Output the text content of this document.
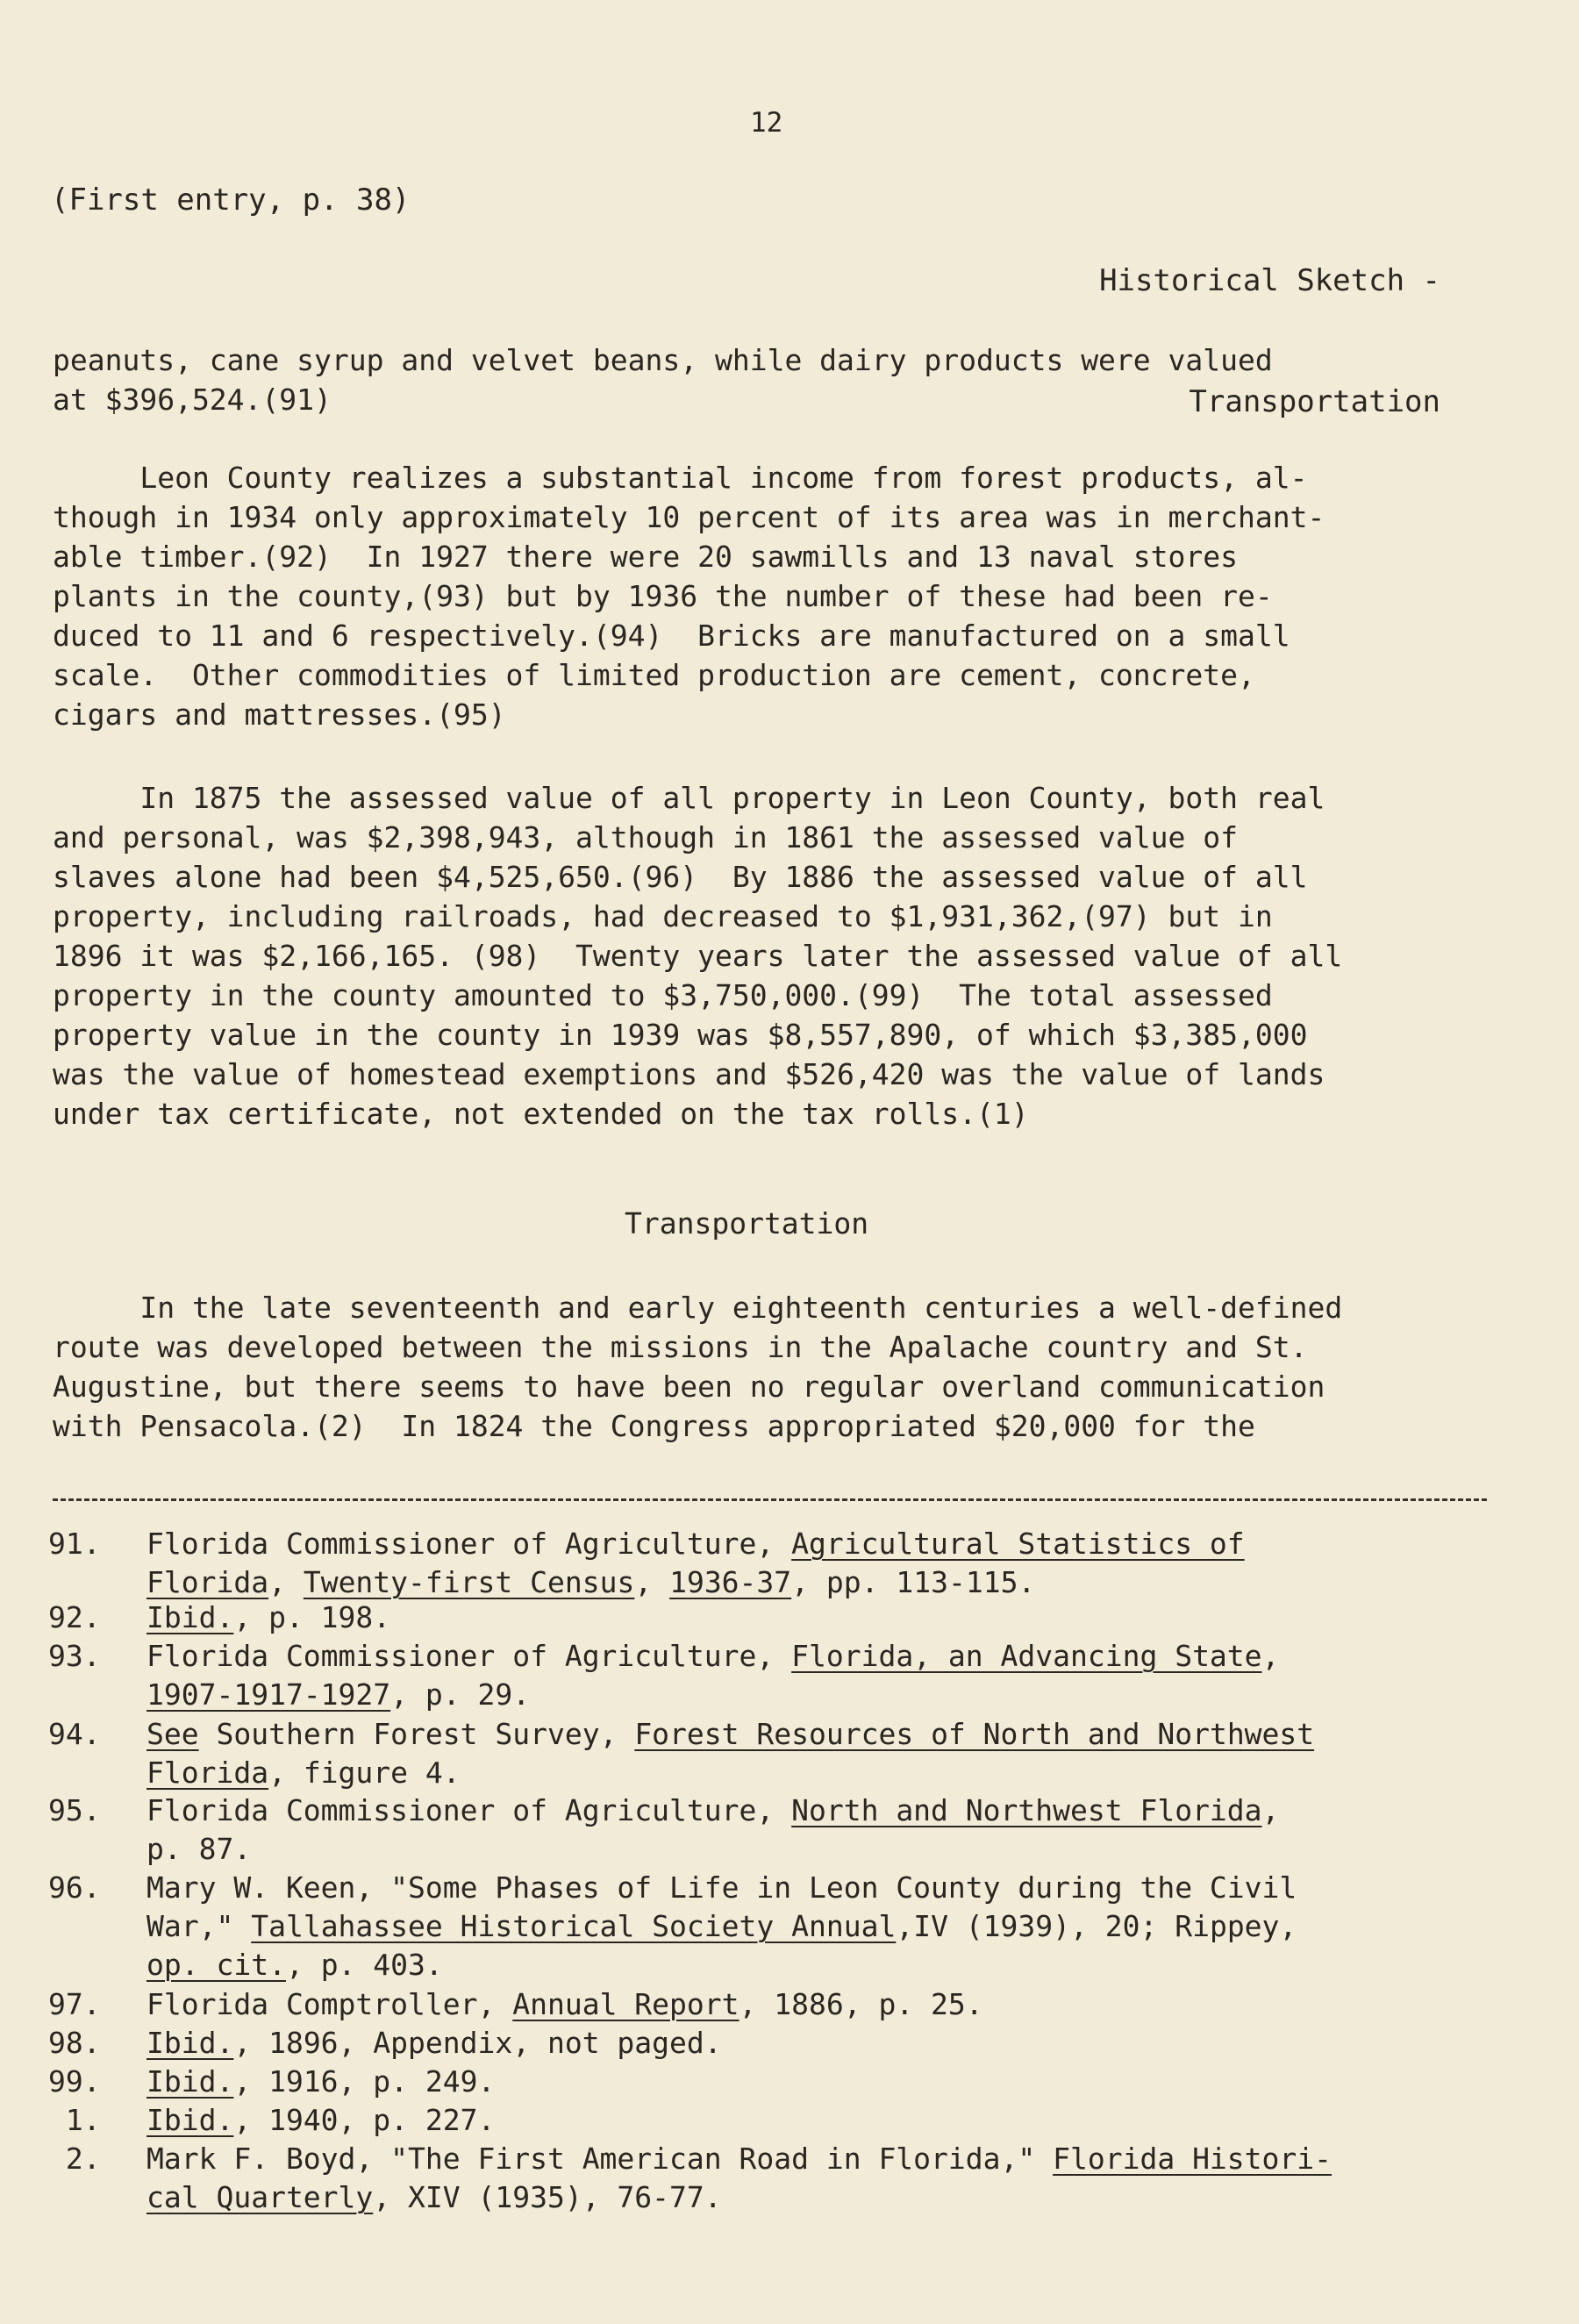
12
(First entry, p. 38)

Historical Sketch -

Transportation

peanuts, cane syrup and velvet beans, while dairy products were valued
at $396,524.(91)
Leon County realizes a substantial income from forest products, al-
though in 1934 only approximately 10 percent of its area was in merchant-
able timber.(92)  In 1927 there were 20 sawmills and 13 naval stores
plants in the county,(93) but by 1936 the number of these had been re-
duced to 11 and 6 respectively.(94)  Bricks are manufactured on a small
scale.  Other commodities of limited production are cement, concrete,
cigars and mattresses.(95)
In 1875 the assessed value of all property in Leon County, both real
and personal, was $2,398,943, although in 1861 the assessed value of
slaves alone had been $4,525,650.(96)  By 1886 the assessed value of all
property, including railroads, had decreased to $1,931,362,(97) but in
1896 it was $2,166,165. (98)  Twenty years later the assessed value of all
property in the county amounted to $3,750,000.(99)  The total assessed
property value in the county in 1939 was $8,557,890, of which $3,385,000
was the value of homestead exemptions and $526,420 was the value of lands
under tax certificate, not extended on the tax rolls.(1)
Transportation
In the late seventeenth and early eighteenth centuries a well-defined
route was developed between the missions in the Apalache country and St.
Augustine, but there seems to have been no regular overland communication
with Pensacola.(2)  In 1824 the Congress appropriated $20,000 for the
91.	Florida Commissioner of Agriculture, Agricultural Statistics of
Florida, Twenty-first Census, 1936-37, pp. 113-115.
92.	Ibid., p. 198.
93.	Florida Commissioner of Agriculture, Florida, an Advancing State,
1907-1917-1927, p. 29.
94.	See Southern Forest Survey, Forest Resources of North and Northwest
Florida, figure 4.
95.	Florida Commissioner of Agriculture, North and Northwest Florida,
p. 87.
96.	Mary W. Keen, "Some Phases of Life in Leon County during the Civil
War," Tallahassee Historical Society Annual,IV (1939), 20; Rippey,
op. cit., p. 403.
97.	Florida Comptroller, Annual Report, 1886, p. 25.
98.	Ibid., 1896, Appendix, not paged.
99.	Ibid., 1916, p. 249.
1.	Ibid., 1940, p. 227.
2.	Mark F. Boyd, "The First American Road in Florida," Florida Histori-
cal Quarterly, XIV (1935), 76-77.
